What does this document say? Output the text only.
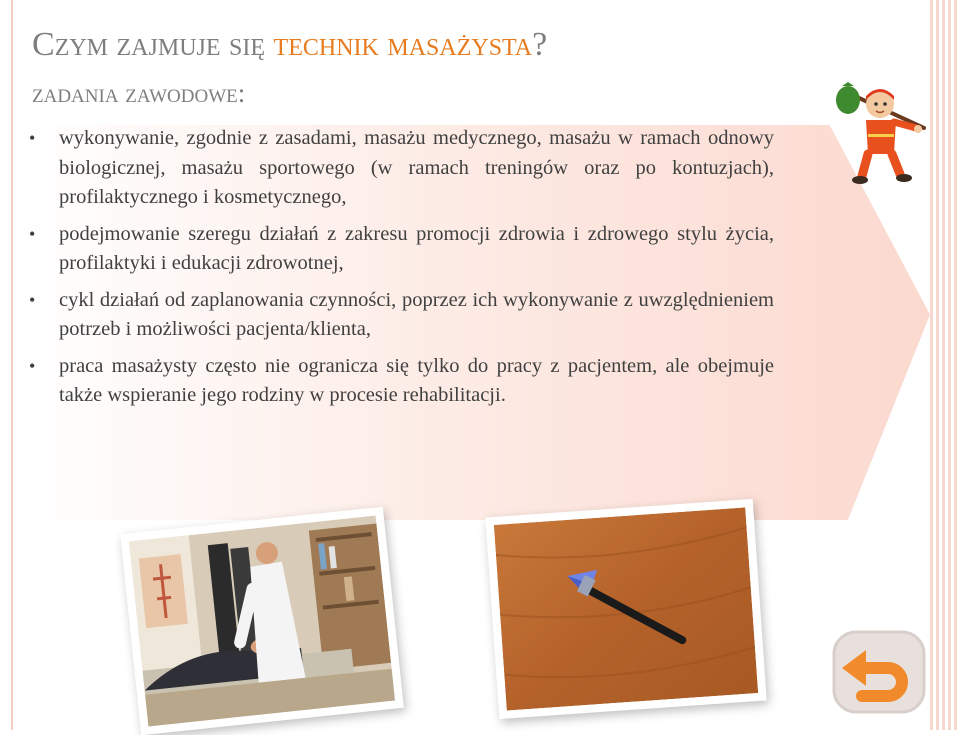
Czym zajmuje się technik masażysta?
zadania zawodowe:
• wykonywanie, zgodnie z zasadami, masażu medycznego, masażu w ramach odnowy biologicznej, masażu sportowego (w ramach treningów oraz po kontuzjach), profilaktycznego i kosmetycznego,
• podejmowanie szeregu działań z zakresu promocji zdrowia i zdrowego stylu życia, profilaktyki i edukacji zdrowotnej,
• cykl działań od zaplanowania czynności, poprzez ich wykonywanie z uwzględnieniem potrzeb i możliwości pacjenta/klienta,
• praca masażysty często nie ogranicza się tylko do pracy z pacjentem, ale obejmuje także wspieranie jego rodziny w procesie rehabilitacji.
